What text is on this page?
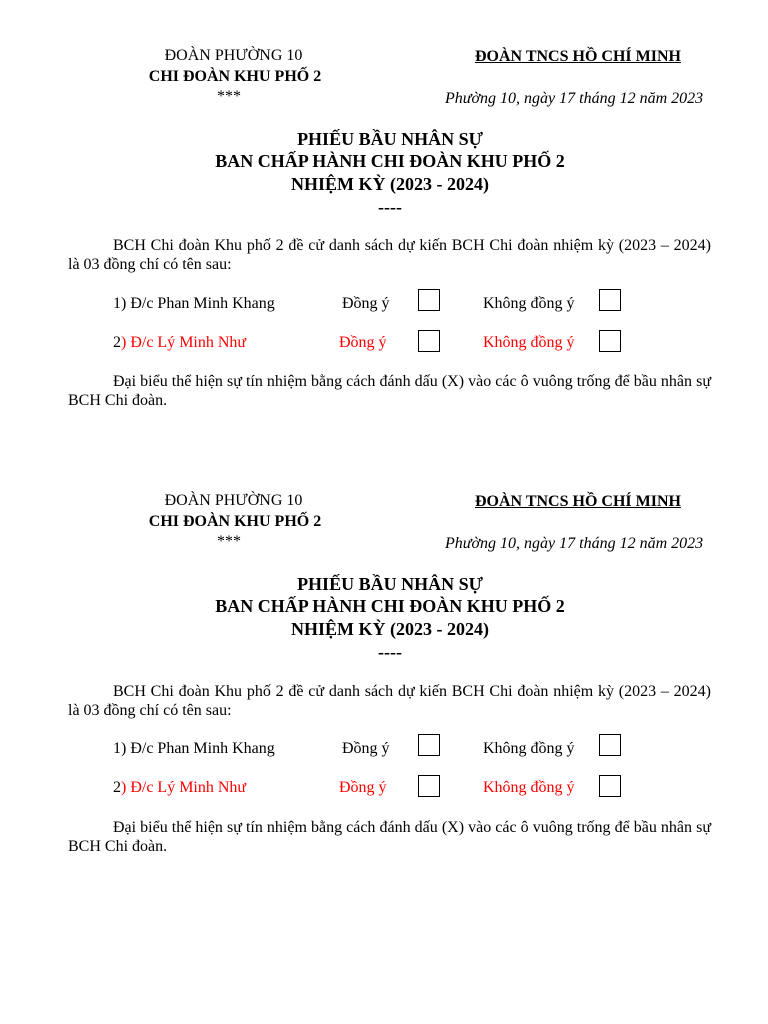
ĐOÀN PHƯỜNG 10
CHI ĐOÀN KHU PHỐ 2
***
ĐOÀN TNCS HỒ CHÍ MINH
Phường 10, ngày 17 tháng 12 năm 2023
PHIẾU BẦU NHÂN SỰ
BAN CHẤP HÀNH CHI ĐOÀN KHU PHỐ 2
NHIỆM KỲ (2023 - 2024)
----
BCH Chi đoàn Khu phố 2 đề cử danh sách dự kiến BCH Chi đoàn nhiệm kỳ (2023 – 2024) là 03 đồng chí có tên sau:
1) Đ/c Phan Minh Khang	Đồng ý	Không đồng ý
2) Đ/c Lý Minh Như	Đồng ý	Không đồng ý
Đại biểu thể hiện sự tín nhiệm bằng cách đánh dấu (X) vào các ô vuông trống để bầu nhân sự BCH Chi đoàn.
ĐOÀN PHƯỜNG 10
CHI ĐOÀN KHU PHỐ 2
***
ĐOÀN TNCS HỒ CHÍ MINH
Phường 10, ngày 17 tháng 12 năm 2023
PHIẾU BẦU NHÂN SỰ
BAN CHẤP HÀNH CHI ĐOÀN KHU PHỐ 2
NHIỆM KỲ (2023 - 2024)
----
BCH Chi đoàn Khu phố 2 đề cử danh sách dự kiến BCH Chi đoàn nhiệm kỳ (2023 – 2024) là 03 đồng chí có tên sau:
1) Đ/c Phan Minh Khang	Đồng ý	Không đồng ý
2) Đ/c Lý Minh Như	Đồng ý	Không đồng ý
Đại biểu thể hiện sự tín nhiệm bằng cách đánh dấu (X) vào các ô vuông trống để bầu nhân sự BCH Chi đoàn.
